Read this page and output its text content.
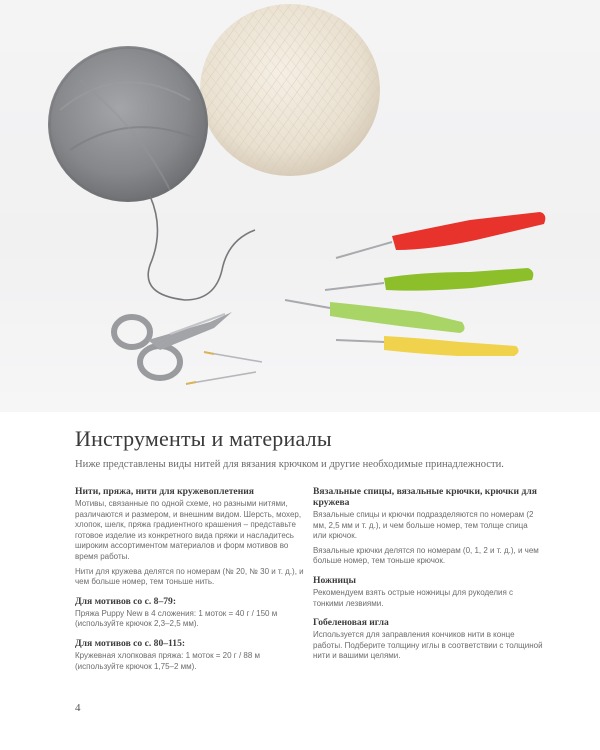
Инструменты и материалы

Ниже представлены виды нитей для вязания крючком и другие необходимые принадлежности.

Нити, пряжа, нити для кружевоплетения

Мотивы, связанные по одной схеме, но разными нитями, различаются и размером, и внешним видом. Шерсть, мохер, хлопок, шелк, пряжа градиентного крашения – представьте готовое изделие из конкретного вида пряжи и насладитесь широким ассортиментом материалов и форм мотивов во время работы.

Нити для кружева делятся по номерам (№ 20, № 30 и т. д.), и чем больше номер, тем тоньше нить.

Для мотивов со с. 8–79:

Пряжа Puppy New в 4 сложения: 1 моток = 40 г / 150 м (используйте крючок 2,3–2,5 мм).

Для мотивов со с. 80–115:

Кружевная хлопковая пряжа: 1 моток = 20 г / 88 м (используйте крючок 1,75–2 мм).

Вязальные спицы, вязальные крючки, крючки для кружева

Вязальные спицы и крючки подразделяются по номерам (2 мм, 2,5 мм и т. д.), и чем больше номер, тем толще спица или крючок.

Вязальные крючки делятся по номерам (0, 1, 2 и т. д.), и чем больше номер, тем тоньше крючок.

Ножницы

Рекомендуем взять острые ножницы для рукоделия с тонкими лезвиями.

Гобеленовая игла

Используется для заправления кончиков нити в конце работы. Подберите толщину иглы в соответствии с толщиной нити и вашими целями.

4
